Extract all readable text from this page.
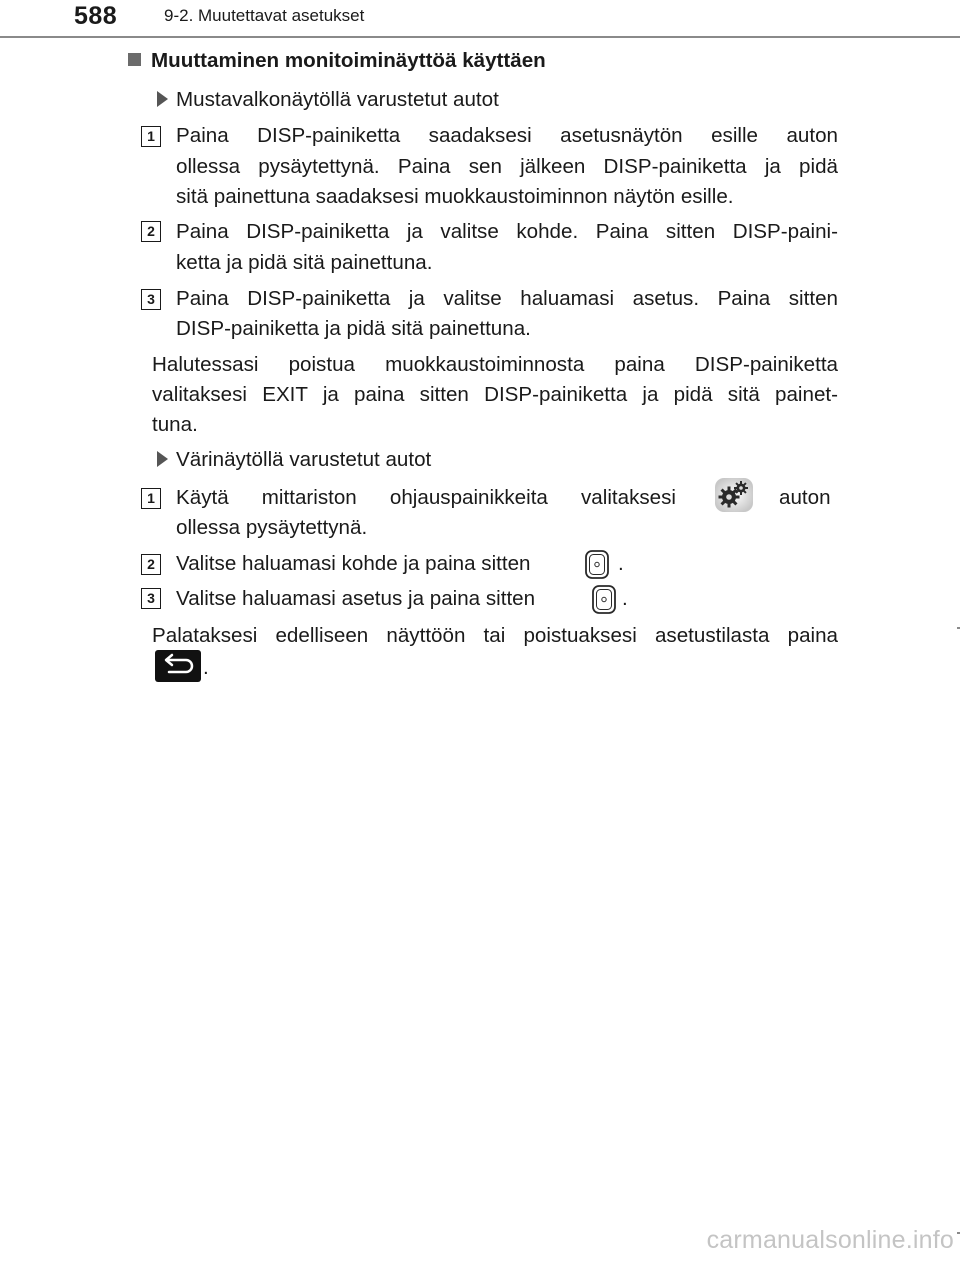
588	9-2. Muutettavat asetukset
Muuttaminen monitoiminäyttöä käyttäen
Mustavalkonäytöllä varustetut autot
1 Paina DISP-painiketta saadaksesi asetusnäytön esille auton
ollessa pysäytettynä. Paina sen jälkeen DISP-painiketta ja pidä
sitä painettuna saadaksesi muokkaustoiminnon näytön esille.
2 Paina DISP-painiketta ja valitse kohde. Paina sitten DISP-paini-
ketta ja pidä sitä painettuna.
3 Paina DISP-painiketta ja valitse haluamasi asetus. Paina sitten
DISP-painiketta ja pidä sitä painettuna.
Halutessasi poistua muokkaustoiminnosta paina DISP-painiketta
valitaksesi EXIT ja paina sitten DISP-painiketta ja pidä sitä painet-
tuna.
Värinäytöllä varustetut autot
1 Käytä mittariston ohjauspainikkeita valitaksesi	auton
ollessa pysäytettynä.
2 Valitse haluamasi kohde ja paina sitten	.
3 Valitse haluamasi asetus ja paina sitten	.
Palataksesi edelliseen näyttöön tai poistuaksesi asetustilasta paina
.
carmanualsonline.info
